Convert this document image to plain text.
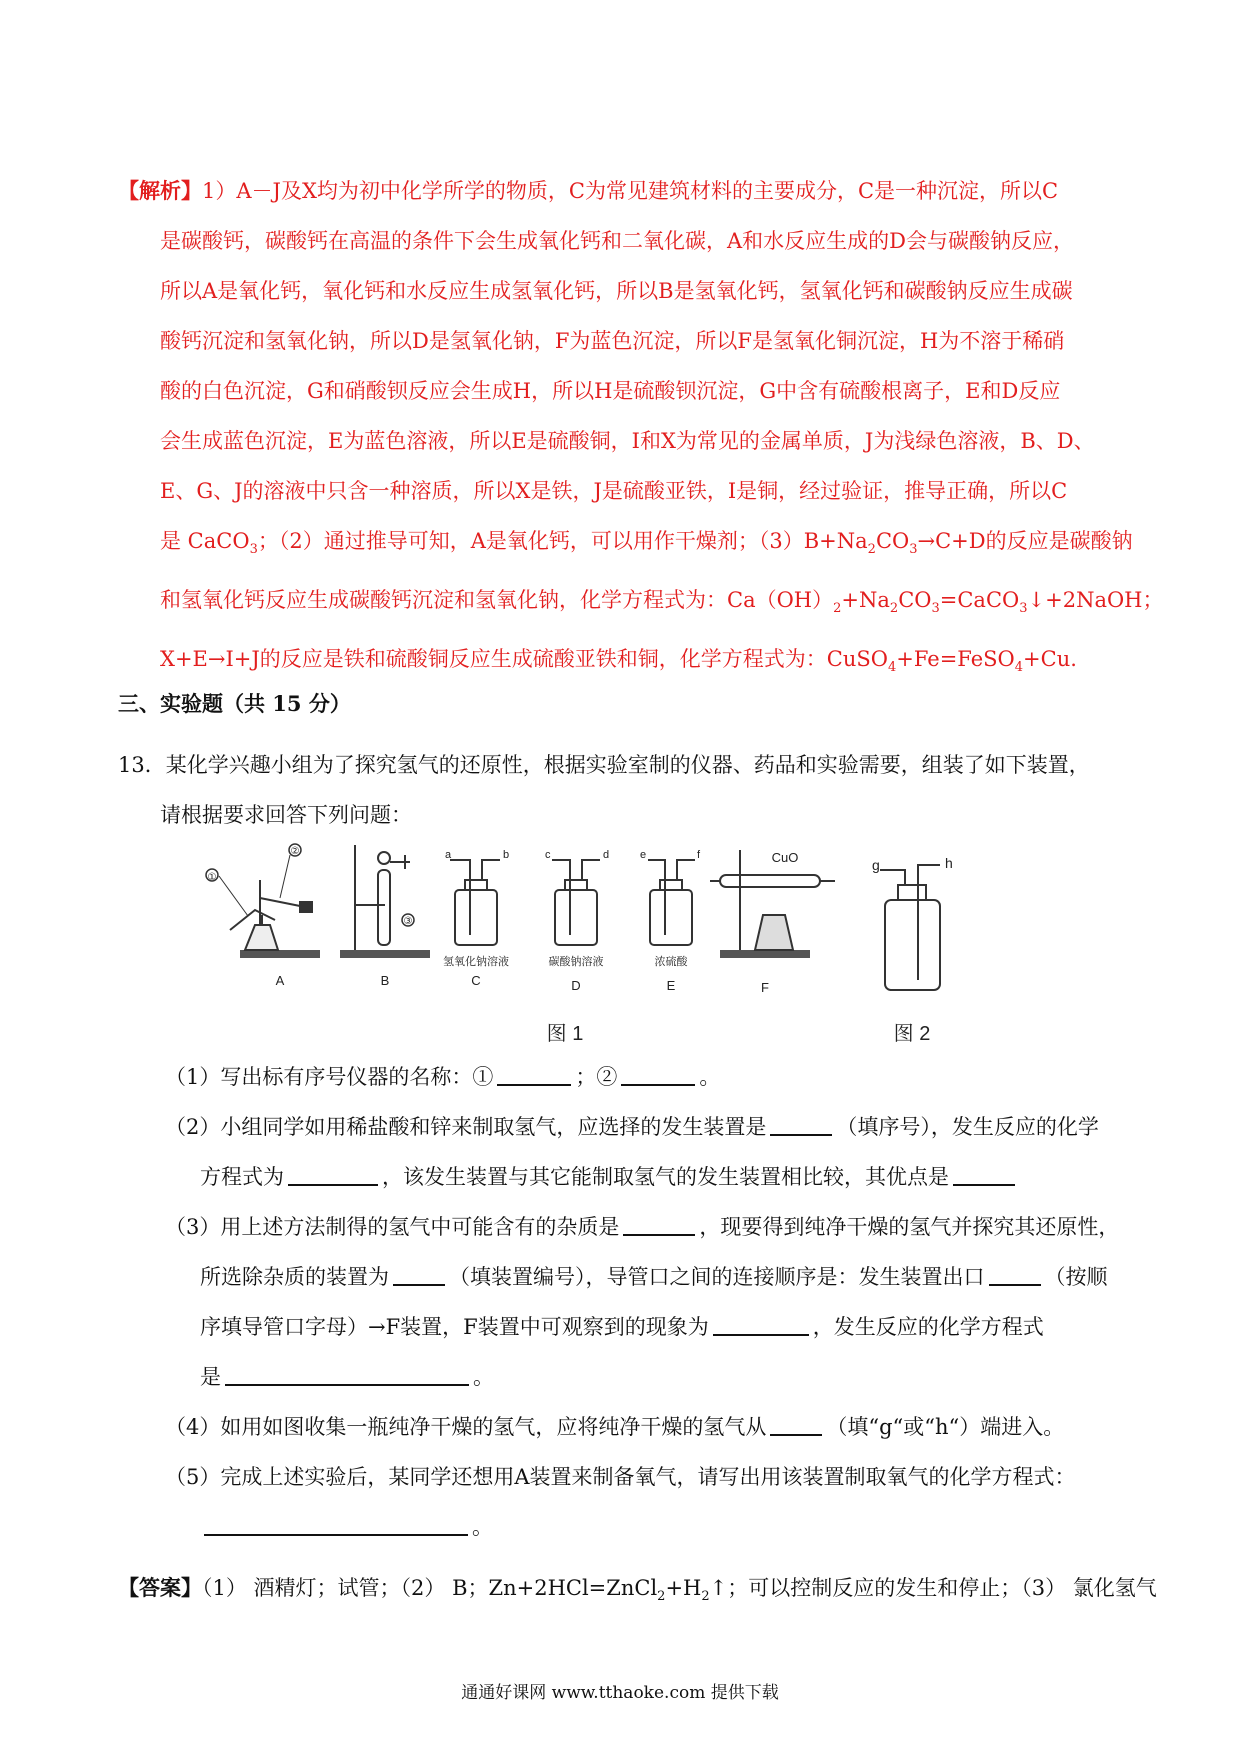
【解析】1）A－J及X均为初中化学所学的物质，C为常见建筑材料的主要成分，C是一种沉淀，所以C
是碳酸钙，碳酸钙在高温的条件下会生成氧化钙和二氧化碳，A和水反应生成的D会与碳酸钠反应，
所以A是氧化钙，氧化钙和水反应生成氢氧化钙，所以B是氢氧化钙，氢氧化钙和碳酸钠反应生成碳
酸钙沉淀和氢氧化钠，所以D是氢氧化钠，F为蓝色沉淀，所以F是氢氧化铜沉淀，H为不溶于稀硝
酸的白色沉淀，G和硝酸钡反应会生成H，所以H是硫酸钡沉淀，G中含有硫酸根离子，E和D反应
会生成蓝色沉淀，E为蓝色溶液，所以E是硫酸铜，I和X为常见的金属单质，J为浅绿色溶液，B、D、
E、G、J的溶液中只含一种溶质，所以X是铁，J是硫酸亚铁，I是铜，经过验证，推导正确，所以C
是 CaCO$_3$；（2）通过推导可知，A是氧化钙，可以用作干燥剂；$(3)B+Na_2CO_3\to C+D$的反应是碳酸钠
和氢氧化钙反应生成碳酸钙沉淀和氢氧化钠，化学方程式为：$Ca(OH)_2+Na_2CO_3=CaCO_3↓+2NaOH$；
X+E→I+J的反应是铁和硫酸铜反应生成硫酸亚铁和铜，化学方程式为：CuSO$_4$+Fe=FeSO$_4$+Cu.
三、实验题（共 15 分）
13．某化学兴趣小组为了探究氢气的还原性，根据实验室制的仪器、药品和实验需要，组装了如下装置，
请根据要求回答下列问题：
①
②
③
a	b	c	d	e	f
氢氧化钠溶液	碳酸钠溶液	浓硫酸
CuO	g	h
A	B	C	D	E	F
图 1	图 2
（1）写出标有序号仪器的名称：①	；②	。
（2）小组同学如用稀盐酸和锌来制取氢气，应选择的发生装置是	（填序号），发生反应的化学
方程式为	，该发生装置与其它能制取氢气的发生装置相比较，其优点是
（3）用上述方法制得的氢气中可能含有的杂质是	，现要得到纯净干燥的氢气并探究其还原性，
所选除杂质的装置为	（填装置编号），导管口之间的连接顺序是：发生装置出口	（按顺
序填导管口字母）→F装置，F装置中可观察到的现象为	，发生反应的化学方程式
是	。
（4）如用如图收集一瓶纯净干燥的氢气，应将纯净干燥的氢气从	（填“g“或“h“）端进入。
（5）完成上述实验后，某同学还想用A装置来制备氧气，请写出用该装置制取氧气的化学方程式：
。
【答案】（1） 酒精灯；试管；（2） B；$Zn+2HCl=ZnCl_2+H_2↑$；可以控制反应的发生和停止；（3） 氯化氢气
通通好课网 www.tthaoke.com 提供下载
